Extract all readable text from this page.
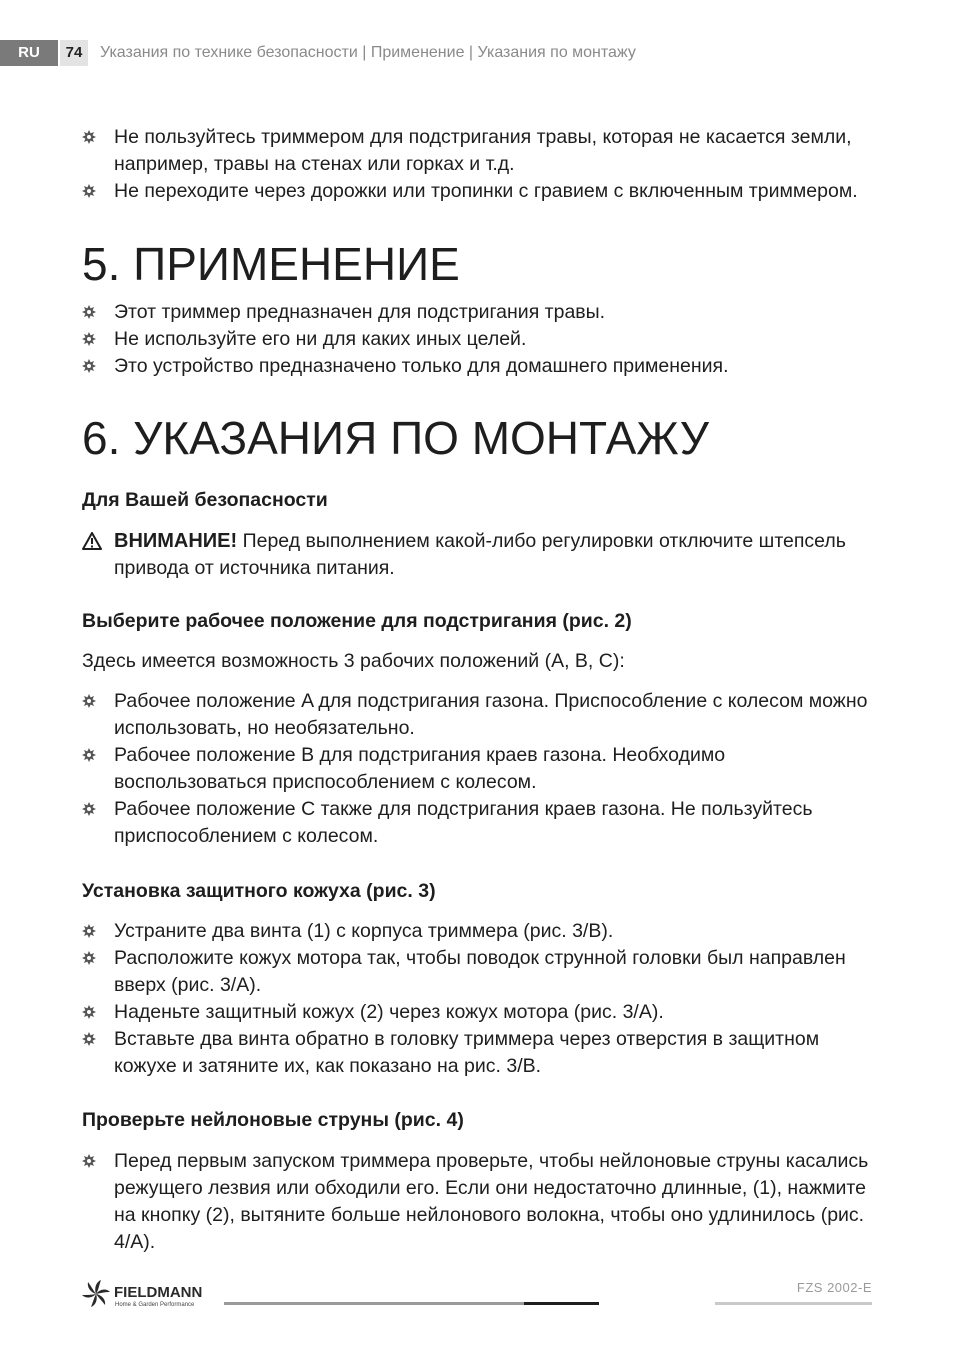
RU	74	Указания по технике безопасности | Применение | Указания по монтажу
Не пользуйтесь триммером для подстригания травы, которая не касается земли, например, травы на стенах или горках и т.д.
Не переходите через дорожки или тропинки с гравием с включенным триммером.
5. ПРИМЕНЕНИЕ
Этот триммер предназначен для подстригания травы.
Не используйте его ни для каких иных целей.
Это устройство предназначено только для домашнего применения.
6. УКАЗАНИЯ ПО МОНТАЖУ
Для Вашей безопасности
ВНИМАНИЕ! Перед выполнением какой-либо регулировки отключите штепсель привода от источника питания.
Выберите рабочее положение для подстригания (рис. 2)

Здесь имеется возможность 3 рабочих положений (A, B, C):

Рабочее положение A для подстригания газона. Приспособление с колесом можно использовать, но необязательно.
Рабочее положение B для подстригания краев газона. Необходимо воспользоваться приспособлением с колесом.
Рабочее положение C также для подстригания краев газона. Не пользуйтесь приспособлением с колесом.
Установка защитного кожуха (рис. 3)
Устраните два винта (1) с корпуса триммера (рис. 3/B).
Расположите кожух мотора так, чтобы поводок струнной головки был направлен вверх (рис. 3/A).
Наденьте защитный кожух (2) через кожух мотора (рис. 3/A).
Вставьте два винта обратно в головку триммера через отверстия в защитном кожухе и затяните их, как показано на рис. 3/B.
Проверьте нейлоновые струны (рис. 4)
Перед первым запуском триммера проверьте, чтобы нейлоновые струны касались режущего лезвия или обходили его. Если они недостаточно длинные, (1), нажмите на кнопку (2), вытяните больше нейлонового волокна, чтобы оно удлинилось (рис. 4/A).
FIELDMANN
Home & Garden Performance
FZS 2002-E
